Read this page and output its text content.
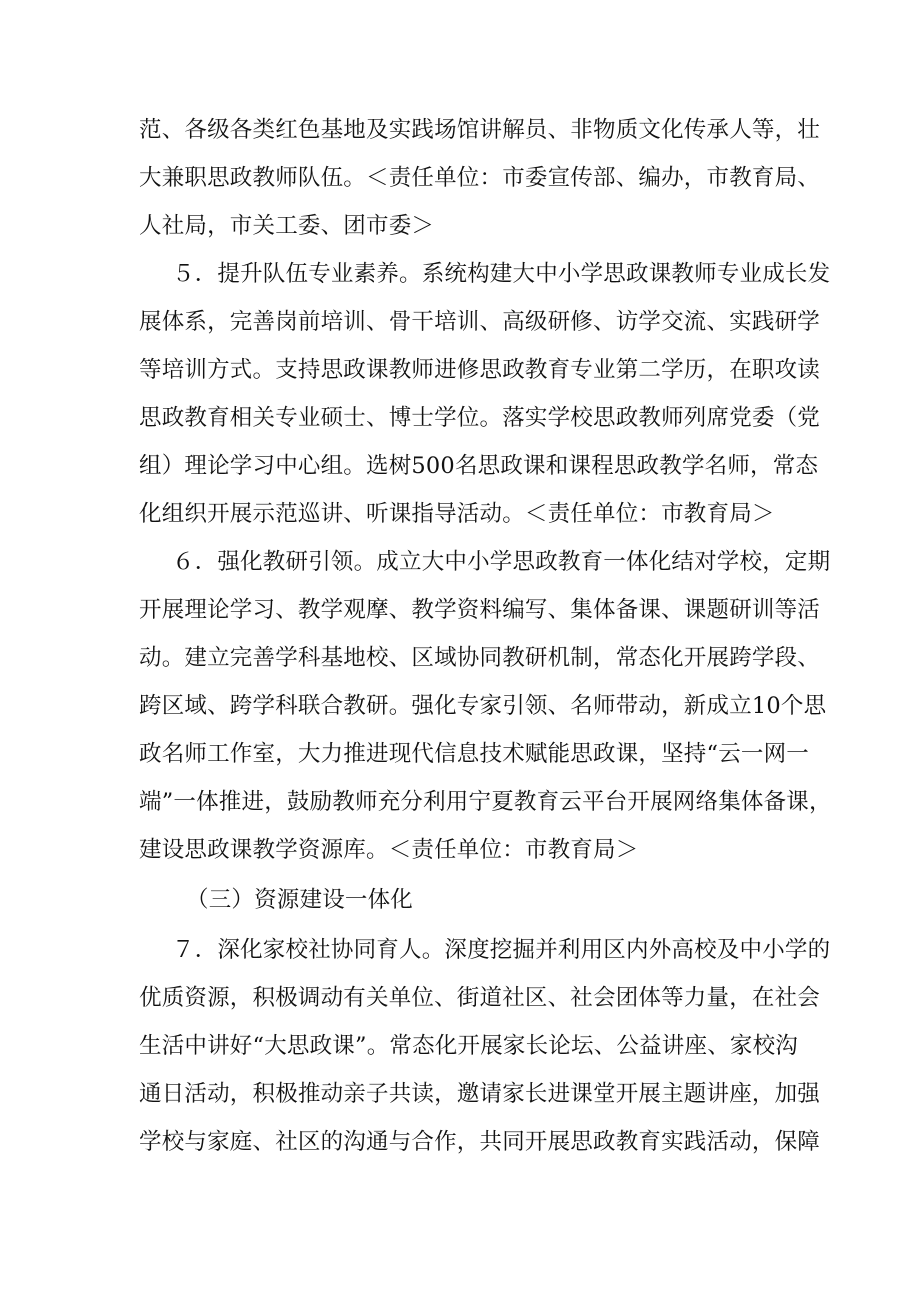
范、各级各类红色基地及实践场馆讲解员、非物质文化传承人等，壮
大兼职思政教师队伍。＜责任单位：市委宣传部、编办，市教育局、
人社局，市关工委、团市委＞
５．提升队伍专业素养。系统构建大中小学思政课教师专业成长发
展体系，完善岗前培训、骨干培训、高级研修、访学交流、实践研学
等培训方式。支持思政课教师进修思政教育专业第二学历，在职攻读
思政教育相关专业硕士、博士学位。落实学校思政教师列席党委（党
组）理论学习中心组。选树500名思政课和课程思政教学名师，常态
化组织开展示范巡讲、听课指导活动。＜责任单位：市教育局＞
６．强化教研引领。成立大中小学思政教育一体化结对学校，定期
开展理论学习、教学观摩、教学资料编写、集体备课、课题研训等活
动。建立完善学科基地校、区域协同教研机制，常态化开展跨学段、
跨区域、跨学科联合教研。强化专家引领、名师带动，新成立10个思
政名师工作室，大力推进现代信息技术赋能思政课，坚持“云一网一
端”一体推进，鼓励教师充分利用宁夏教育云平台开展网络集体备课，
建设思政课教学资源库。＜责任单位：市教育局＞
（三）资源建设一体化
７．深化家校社协同育人。深度挖掘并利用区内外高校及中小学的
优质资源，积极调动有关单位、街道社区、社会团体等力量，在社会
生活中讲好“大思政课”。常态化开展家长论坛、公益讲座、家校沟
通日活动，积极推动亲子共读，邀请家长进课堂开展主题讲座，加强
学校与家庭、社区的沟通与合作，共同开展思政教育实践活动，保障
